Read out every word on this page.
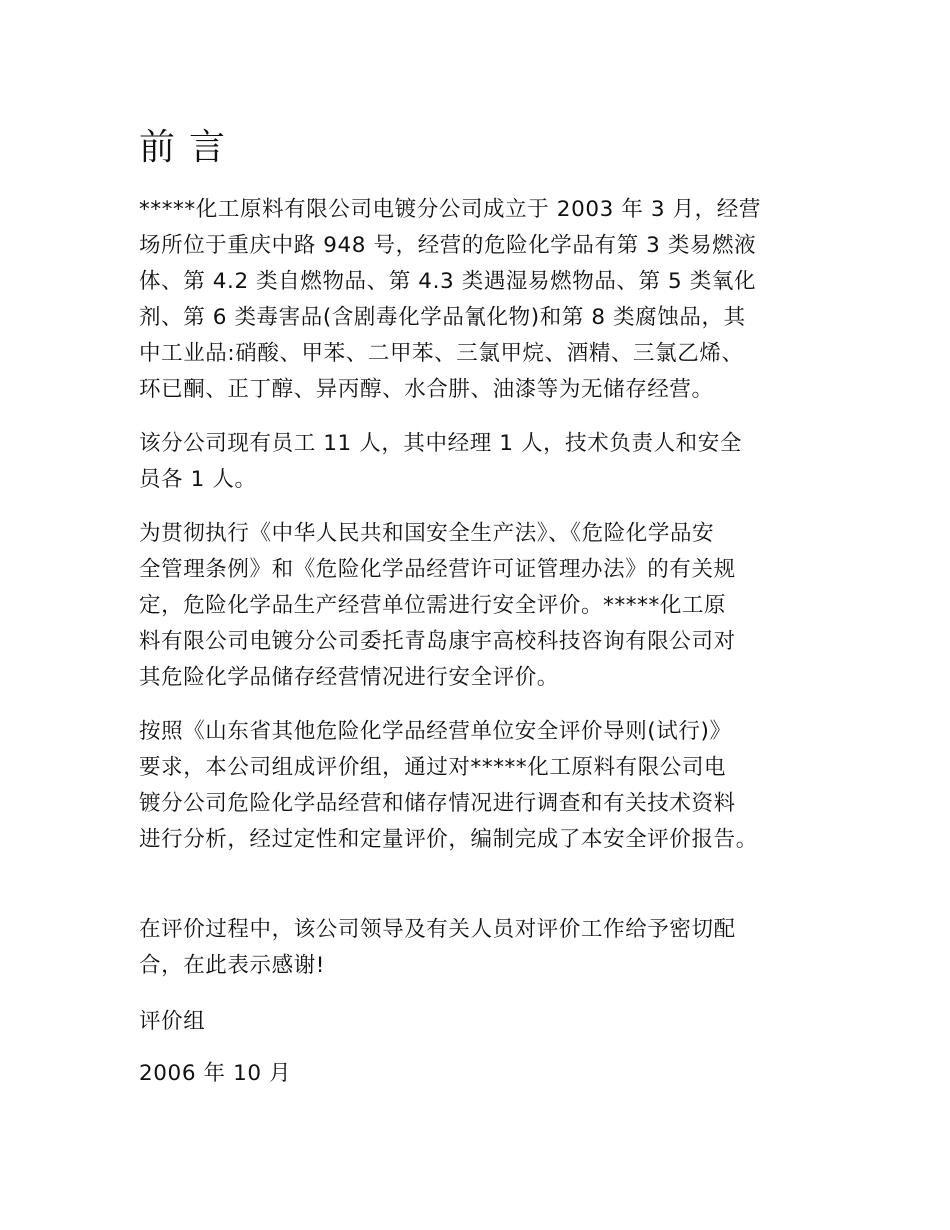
前言

*****化工原料有限公司电镀分公司成立于 2003 年 3 月，经营
场所位于重庆中路 948 号，经营的危险化学品有第 3 类易燃液
体、第 4.2 类自燃物品、第 4.3 类遇湿易燃物品、第 5 类氧化
剂、第 6 类毒害品(含剧毒化学品氰化物)和第 8 类腐蚀品，其
中工业品:硝酸、甲苯、二甲苯、三氯甲烷、酒精、三氯乙烯、
环已酮、正丁醇、异丙醇、水合肼、油漆等为无储存经营。

该分公司现有员工 11 人，其中经理 1 人，技术负责人和安全
员各 1 人。

为贯彻执行《中华人民共和国安全生产法》、《危险化学品安
全管理条例》和《危险化学品经营许可证管理办法》的有关规
定，危险化学品生产经营单位需进行安全评价。*****化工原
料有限公司电镀分公司委托青岛康宇高校科技咨询有限公司对
其危险化学品储存经营情况进行安全评价。

按照《山东省其他危险化学品经营单位安全评价导则(试行)》
要求，本公司组成评价组，通过对*****化工原料有限公司电
镀分公司危险化学品经营和储存情况进行调查和有关技术资料
进行分析，经过定性和定量评价，编制完成了本安全评价报告。

在评价过程中，该公司领导及有关人员对评价工作给予密切配
合，在此表示感谢!

评价组

2006 年 10 月
